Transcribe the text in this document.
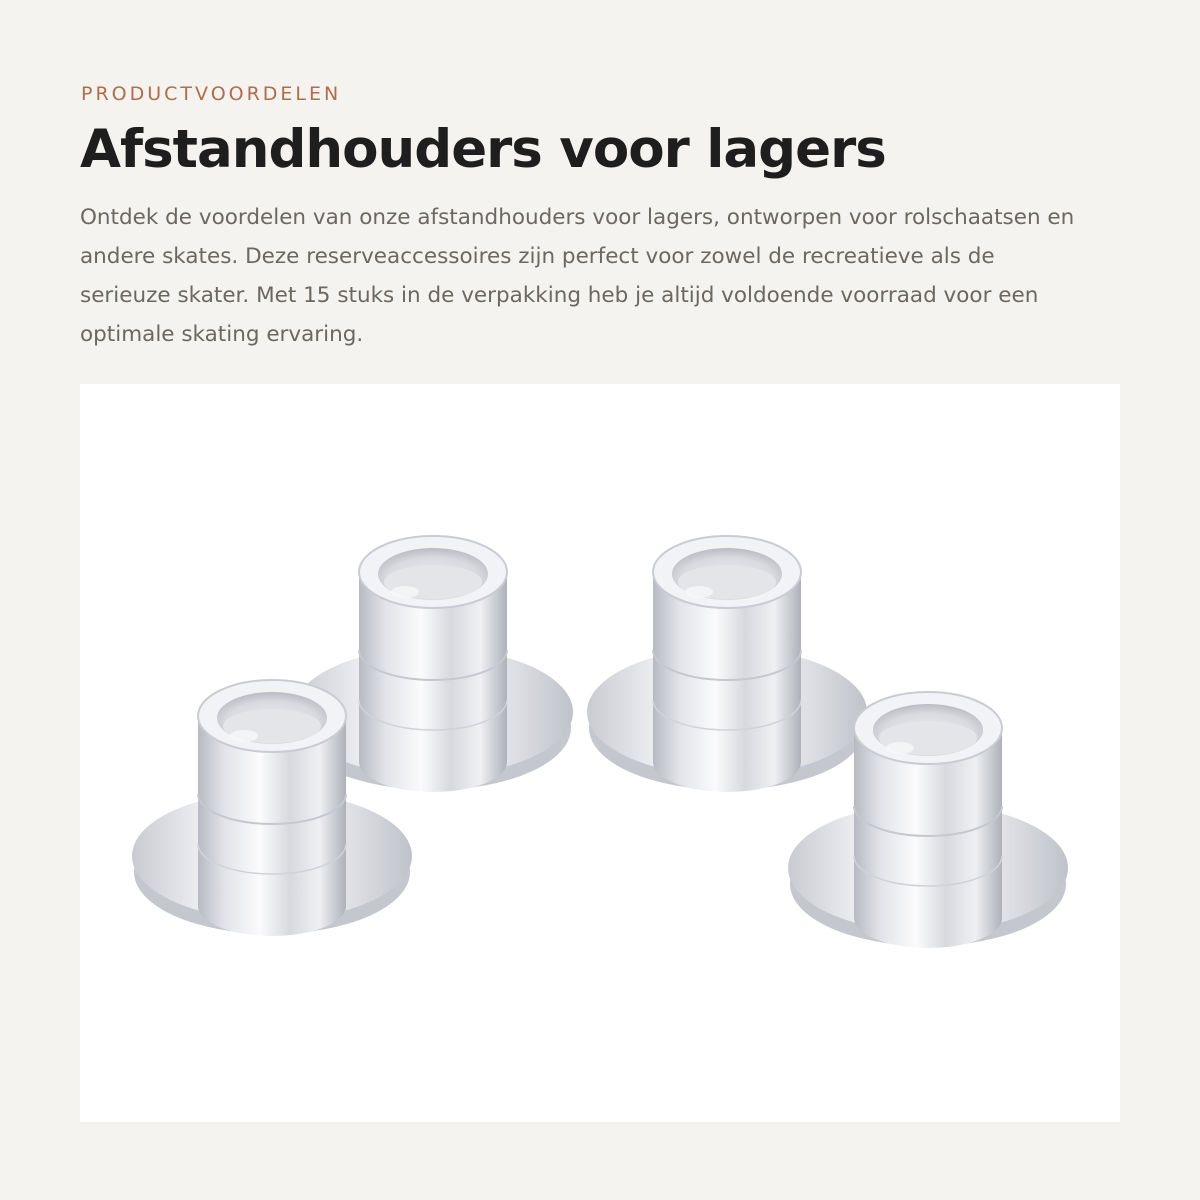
PRODUCTVOORDELEN
Afstandhouders voor lagers

Ontdek de voordelen van onze afstandhouders voor lagers, ontworpen voor rolschaatsen en andere skates. Deze reserveaccessoires zijn perfect voor zowel de recreatieve als de serieuze skater. Met 15 stuks in de verpakking heb je altijd voldoende voorraad voor een optimale skating ervaring.
